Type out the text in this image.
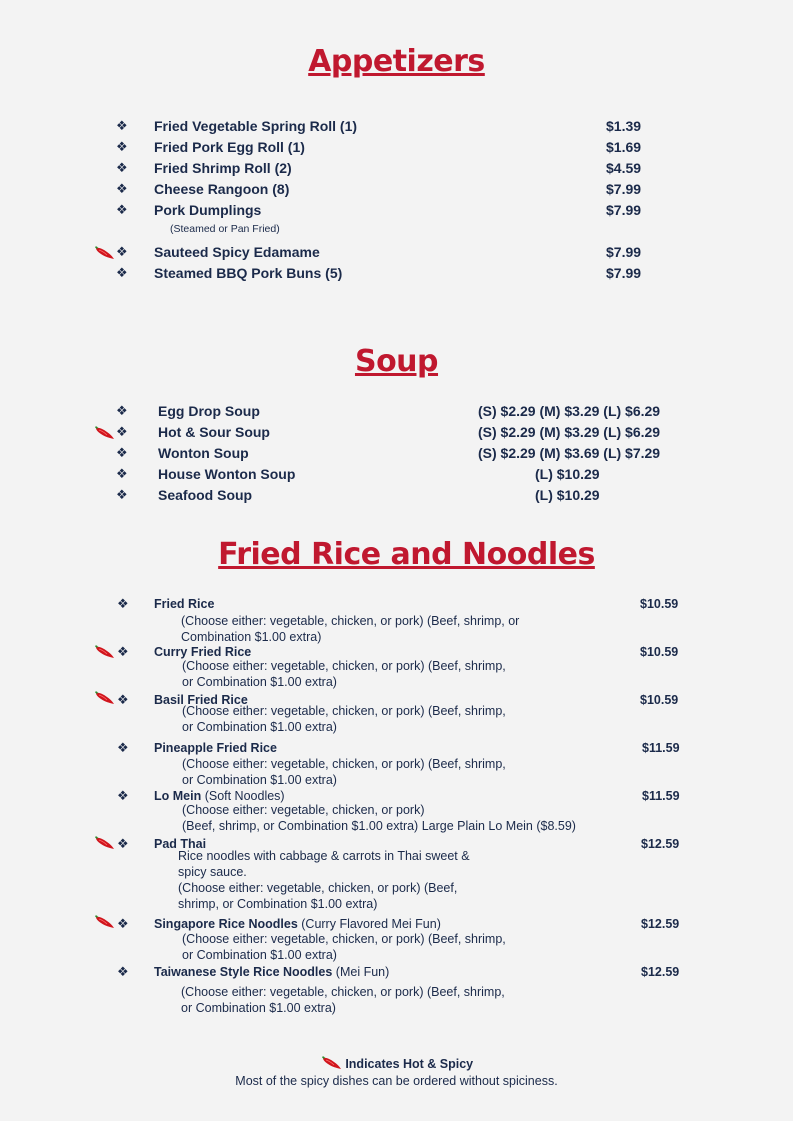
Appetizers
❖ Fried Vegetable Spring Roll (1)	$1.39
❖ Fried Pork Egg Roll (1)	$1.69
❖ Fried Shrimp Roll (2)	$4.59
❖ Cheese Rangoon (8)	$7.99
❖ Pork Dumplings	$7.99
(Steamed or Pan Fried)
❖ Sauteed Spicy Edamame	$7.99
❖ Steamed BBQ Pork Buns (5)	$7.99
Soup
❖ Egg Drop Soup	(S) $2.29 (M) $3.29 (L) $6.29
❖ Hot & Sour Soup	(S) $2.29 (M) $3.29 (L) $6.29
❖ Wonton Soup	(S) $2.29 (M) $3.69 (L) $7.29
❖ House Wonton Soup	(L) $10.29
❖ Seafood Soup	(L) $10.29
Fried Rice and Noodles
❖ Fried Rice	$10.59
(Choose either: vegetable, chicken, or pork) (Beef, shrimp, or
Combination $1.00 extra)
❖ Curry Fried Rice	$10.59
(Choose either: vegetable, chicken, or pork) (Beef, shrimp,
or Combination $1.00 extra)
❖ Basil Fried Rice	$10.59
(Choose either: vegetable, chicken, or pork) (Beef, shrimp,
or Combination $1.00 extra)
❖ Pineapple Fried Rice	$11.59
(Choose either: vegetable, chicken, or pork) (Beef, shrimp,
or Combination $1.00 extra)
❖ Lo Mein (Soft Noodles)	$11.59
(Choose either: vegetable, chicken, or pork)
(Beef, shrimp, or Combination $1.00 extra) Large Plain Lo Mein ($8.59)
❖ Pad Thai	$12.59
Rice noodles with cabbage & carrots in Thai sweet &
spicy sauce.
(Choose either: vegetable, chicken, or pork) (Beef,
shrimp, or Combination $1.00 extra)
❖ Singapore Rice Noodles (Curry Flavored Mei Fun)	$12.59
(Choose either: vegetable, chicken, or pork) (Beef, shrimp,
or Combination $1.00 extra)
❖ Taiwanese Style Rice Noodles (Mei Fun)	$12.59
(Choose either: vegetable, chicken, or pork) (Beef, shrimp,
or Combination $1.00 extra)
Indicates Hot & Spicy
Most of the spicy dishes can be ordered without spiciness.
